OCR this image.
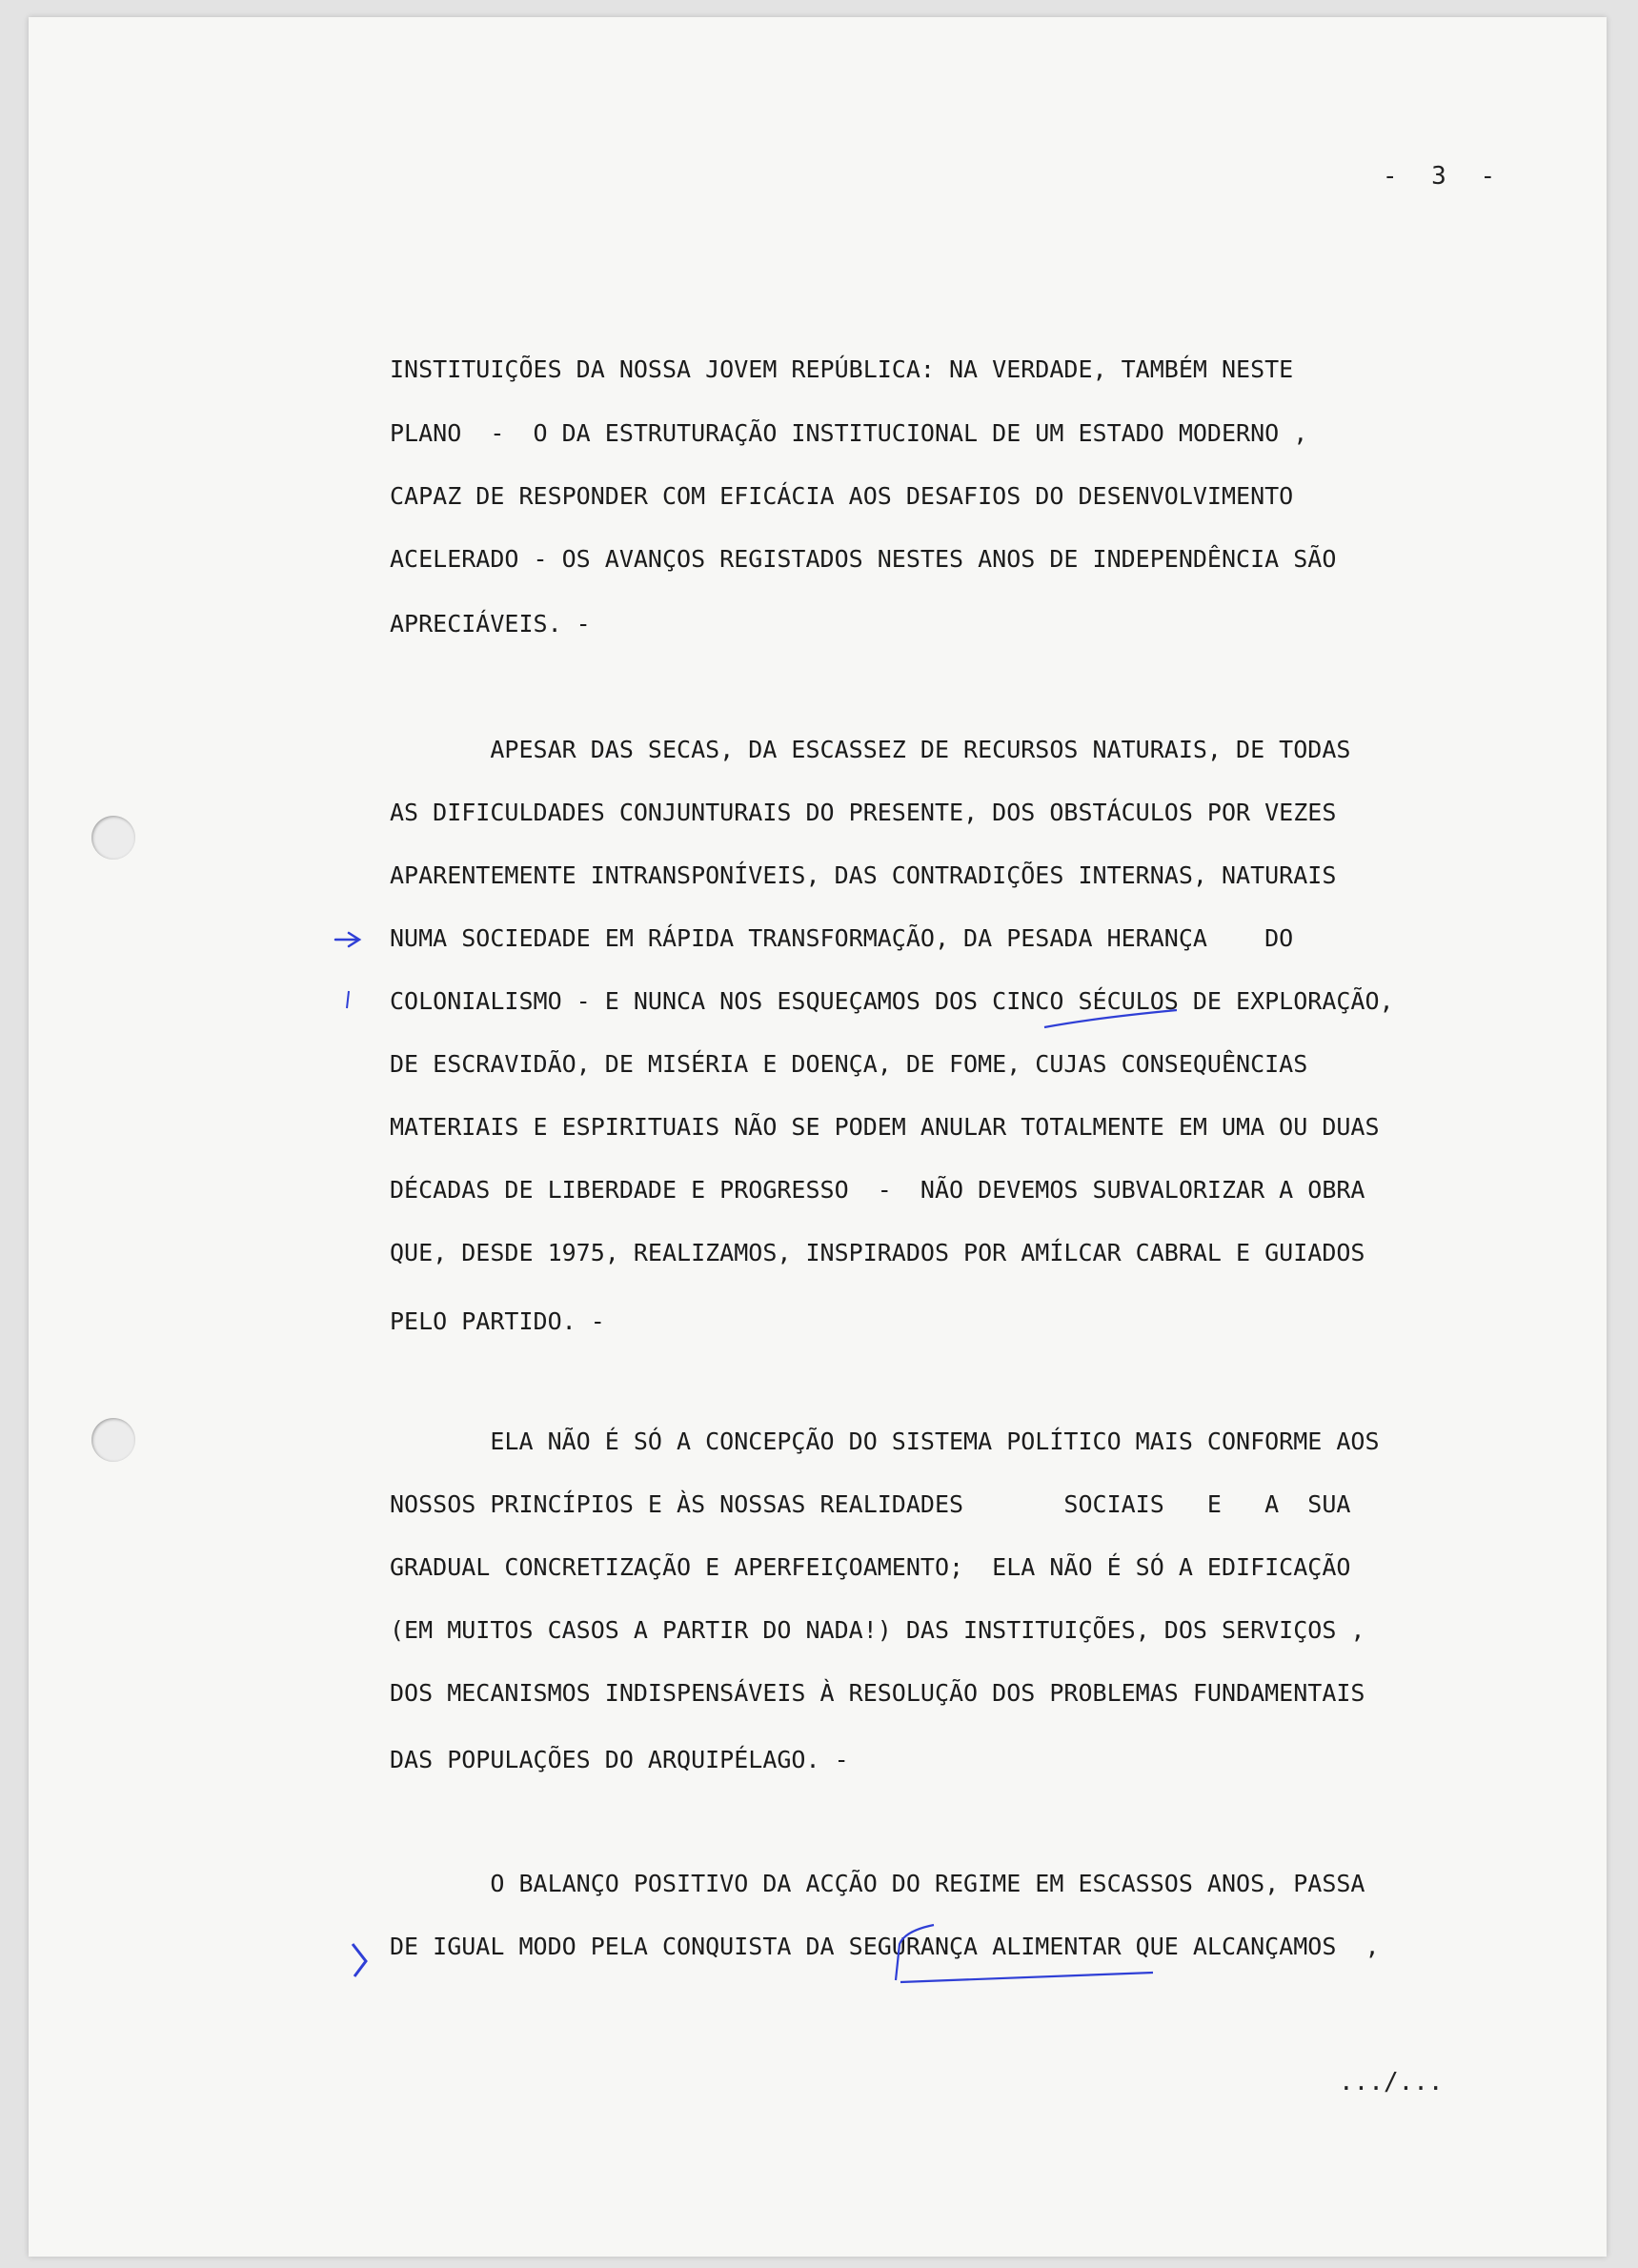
- 3 -
INSTITUIÇÕES DA NOSSA JOVEM REPÚBLICA: NA VERDADE, TAMBÉM NESTE
PLANO  -  O DA ESTRUTURAÇÃO INSTITUCIONAL DE UM ESTADO MODERNO ,
CAPAZ DE RESPONDER COM EFICÁCIA AOS DESAFIOS DO DESENVOLVIMENTO
ACELERADO - OS AVANÇOS REGISTADOS NESTES ANOS DE INDEPENDÊNCIA SÃO
APRECIÁVEIS. -
APESAR DAS SECAS, DA ESCASSEZ DE RECURSOS NATURAIS, DE TODAS
AS DIFICULDADES CONJUNTURAIS DO PRESENTE, DOS OBSTÁCULOS POR VEZES
APARENTEMENTE INTRANSPONÍVEIS, DAS CONTRADIÇÕES INTERNAS, NATURAIS
NUMA SOCIEDADE EM RÁPIDA TRANSFORMAÇÃO, DA PESADA HERANÇA    DO
COLONIALISMO - E NUNCA NOS ESQUEÇAMOS DOS CINCO SÉCULOS DE EXPLORAÇÃO,
DE ESCRAVIDÃO, DE MISÉRIA E DOENÇA, DE FOME, CUJAS CONSEQUÊNCIAS
MATERIAIS E ESPIRITUAIS NÃO SE PODEM ANULAR TOTALMENTE EM UMA OU DUAS
DÉCADAS DE LIBERDADE E PROGRESSO  -  NÃO DEVEMOS SUBVALORIZAR A OBRA
QUE, DESDE 1975, REALIZAMOS, INSPIRADOS POR AMÍLCAR CABRAL E GUIADOS
PELO PARTIDO. -
ELA NÃO É SÓ A CONCEPÇÃO DO SISTEMA POLÍTICO MAIS CONFORME AOS
NOSSOS PRINCÍPIOS E ÀS NOSSAS REALIDADES       SOCIAIS   E   A  SUA
GRADUAL CONCRETIZAÇÃO E APERFEIÇOAMENTO;  ELA NÃO É SÓ A EDIFICAÇÃO
(EM MUITOS CASOS A PARTIR DO NADA!) DAS INSTITUIÇÕES, DOS SERVIÇOS ,
DOS MECANISMOS INDISPENSÁVEIS À RESOLUÇÃO DOS PROBLEMAS FUNDAMENTAIS
DAS POPULAÇÕES DO ARQUIPÉLAGO. -
O BALANÇO POSITIVO DA ACÇÃO DO REGIME EM ESCASSOS ANOS, PASSA
DE IGUAL MODO PELA CONQUISTA DA SEGURANÇA ALIMENTAR QUE ALCANÇAMOS  ,
.../...
